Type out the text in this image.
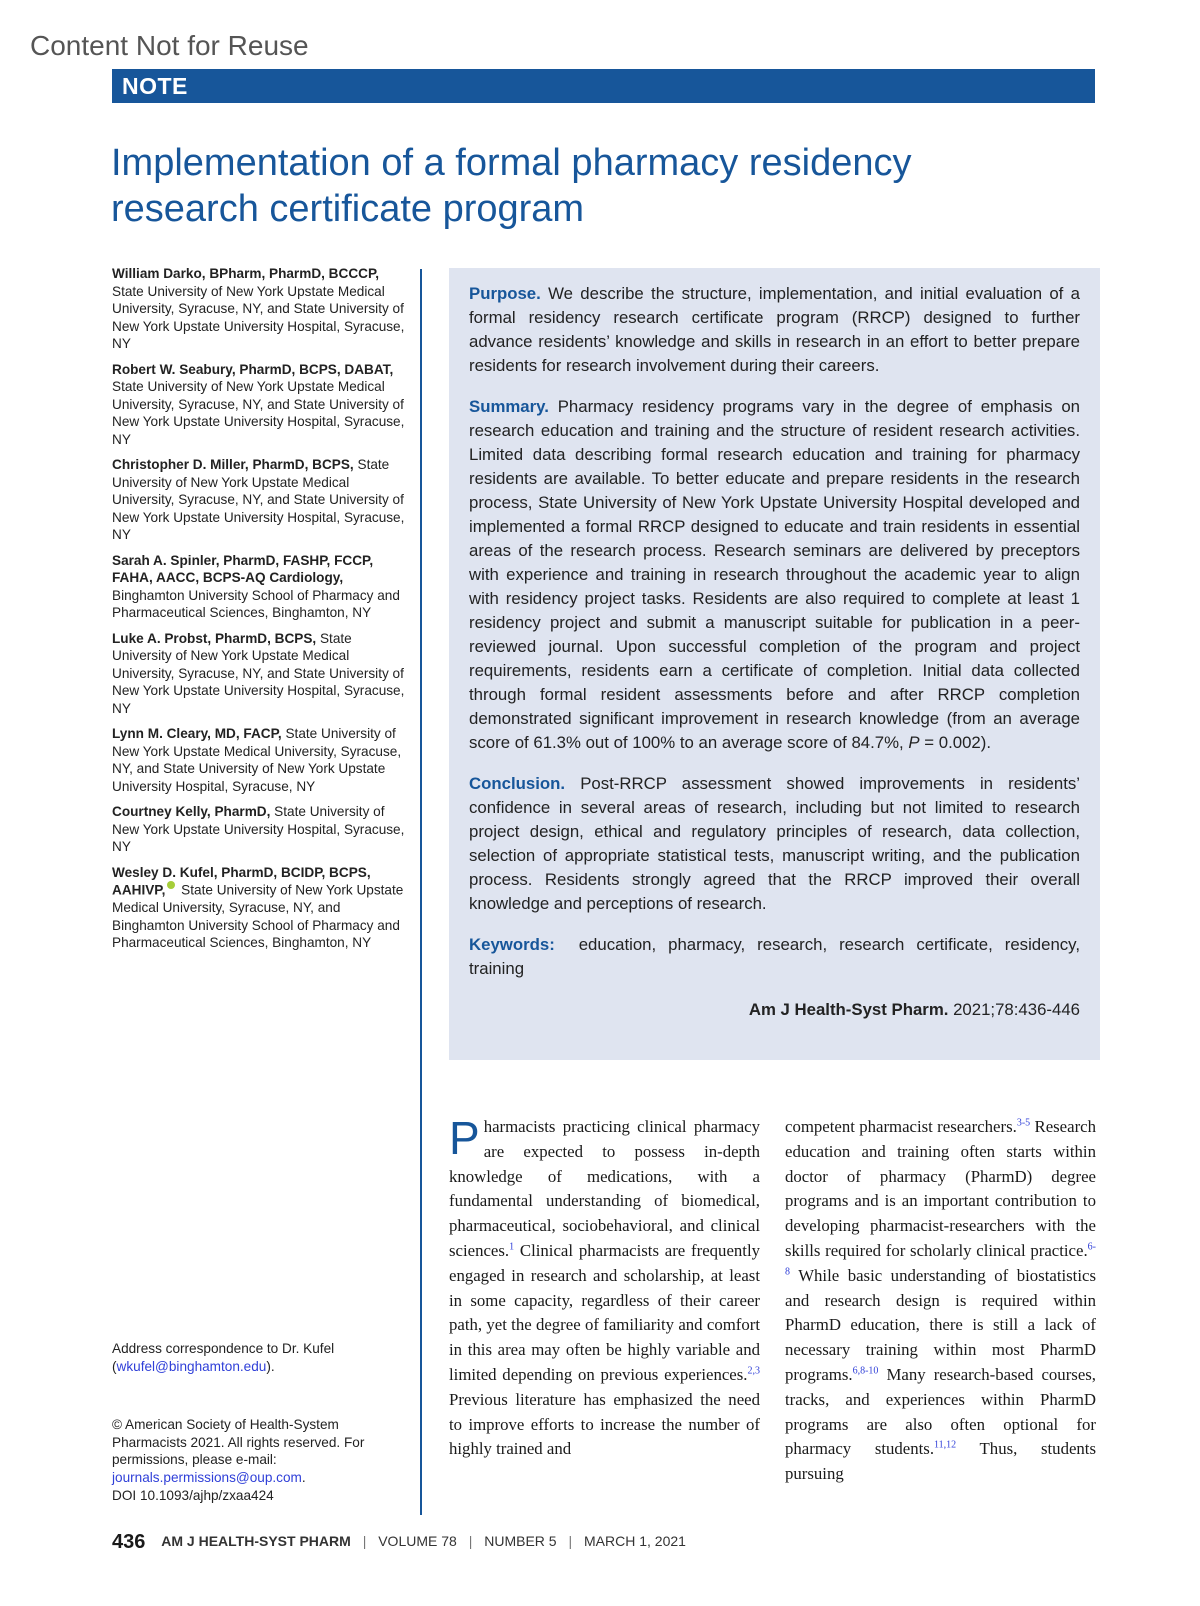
Content Not for Reuse
NOTE
Implementation of a formal pharmacy residency
research certificate program

William Darko, BPharm, PharmD, BCCCP, State University of New York Upstate Medical University, Syracuse, NY, and State University of New York Upstate University Hospital, Syracuse, NY

Robert W. Seabury, PharmD, BCPS, DABAT, State University of New York Upstate Medical University, Syracuse, NY, and State University of New York Upstate University Hospital, Syracuse, NY

Christopher D. Miller, PharmD, BCPS, State University of New York Upstate Medical University, Syracuse, NY, and State University of New York Upstate University Hospital, Syracuse, NY

Sarah A. Spinler, PharmD, FASHP, FCCP, FAHA, AACC, BCPS-AQ Cardiology, Binghamton University School of Pharmacy and Pharmaceutical Sciences, Binghamton, NY

Luke A. Probst, PharmD, BCPS, State University of New York Upstate Medical University, Syracuse, NY, and State University of New York Upstate University Hospital, Syracuse, NY

Lynn M. Cleary, MD, FACP, State University of New York Upstate Medical University, Syracuse, NY, and State University of New York Upstate University Hospital, Syracuse, NY

Courtney Kelly, PharmD, State University of New York Upstate University Hospital, Syracuse, NY

Wesley D. Kufel, PharmD, BCIDP, BCPS, AAHIVP, State University of New York Upstate Medical University, Syracuse, NY, and Binghamton University School of Pharmacy and Pharmaceutical Sciences, Binghamton, NY

Purpose. We describe the structure, implementation, and initial evaluation of a formal residency research certificate program (RRCP) designed to further advance residents’ knowledge and skills in research in an effort to better prepare residents for research involvement during their careers.

Summary. Pharmacy residency programs vary in the degree of emphasis on research education and training and the structure of resident research activities. Limited data describing formal research education and training for pharmacy residents are available. To better educate and prepare residents in the research process, State University of New York Upstate University Hospital developed and implemented a formal RRCP designed to educate and train residents in essential areas of the research process. Research seminars are delivered by preceptors with experience and training in research throughout the academic year to align with residency project tasks. Residents are also required to complete at least 1 residency project and submit a manuscript suitable for publication in a peer-reviewed journal. Upon successful completion of the program and project requirements, residents earn a certificate of completion. Initial data collected through formal resident assessments before and after RRCP completion demonstrated significant improvement in research knowledge (from an average score of 61.3% out of 100% to an average score of 84.7%, P = 0.002).

Conclusion. Post-RRCP assessment showed improvements in residents’ confidence in several areas of research, including but not limited to research project design, ethical and regulatory principles of research, data collection, selection of appropriate statistical tests, manuscript writing, and the publication process. Residents strongly agreed that the RRCP improved their overall knowledge and perceptions of research.

Keywords: education, pharmacy, research, research certificate, residency, training

Am J Health-Syst Pharm. 2021;78:436-446

Address correspondence to Dr. Kufel (wkufel@binghamton.edu).
© American Society of Health-System Pharmacists 2021. All rights reserved. For permissions, please e-mail: journals.permissions@oup.com.
DOI 10.1093/ajhp/zxaa424
Pharmacists practicing clinical pharmacy are expected to possess in-depth knowledge of medications, with a fundamental understanding of biomedical, pharmaceutical, sociobehavioral, and clinical sciences.$^1$ Clinical pharmacists are frequently engaged in research and scholarship, at least in some capacity, regardless of their career path, yet the degree of familiarity and comfort in this area may often be highly variable and limited depending on previous experiences.$^{2,3}$ Previous literature has emphasized the need to improve efforts to increase the number of highly trained and
competent pharmacist researchers.$^{3-5}$ Research education and training often starts within doctor of pharmacy (PharmD) degree programs and is an important contribution to developing pharmacist-researchers with the skills required for scholarly clinical practice.$^{6-8}$ While basic understanding of biostatistics and research design is required within PharmD education, there is still a lack of necessary training within most PharmD programs.$^{6,8-10}$ Many research-based courses, tracks, and experiences within PharmD programs are also often optional for pharmacy students.$^{11,12}$ Thus, students pursuing
436 AM J HEALTH-SYST PHARM | VOLUME 78 | NUMBER 5 | MARCH 1, 2021
